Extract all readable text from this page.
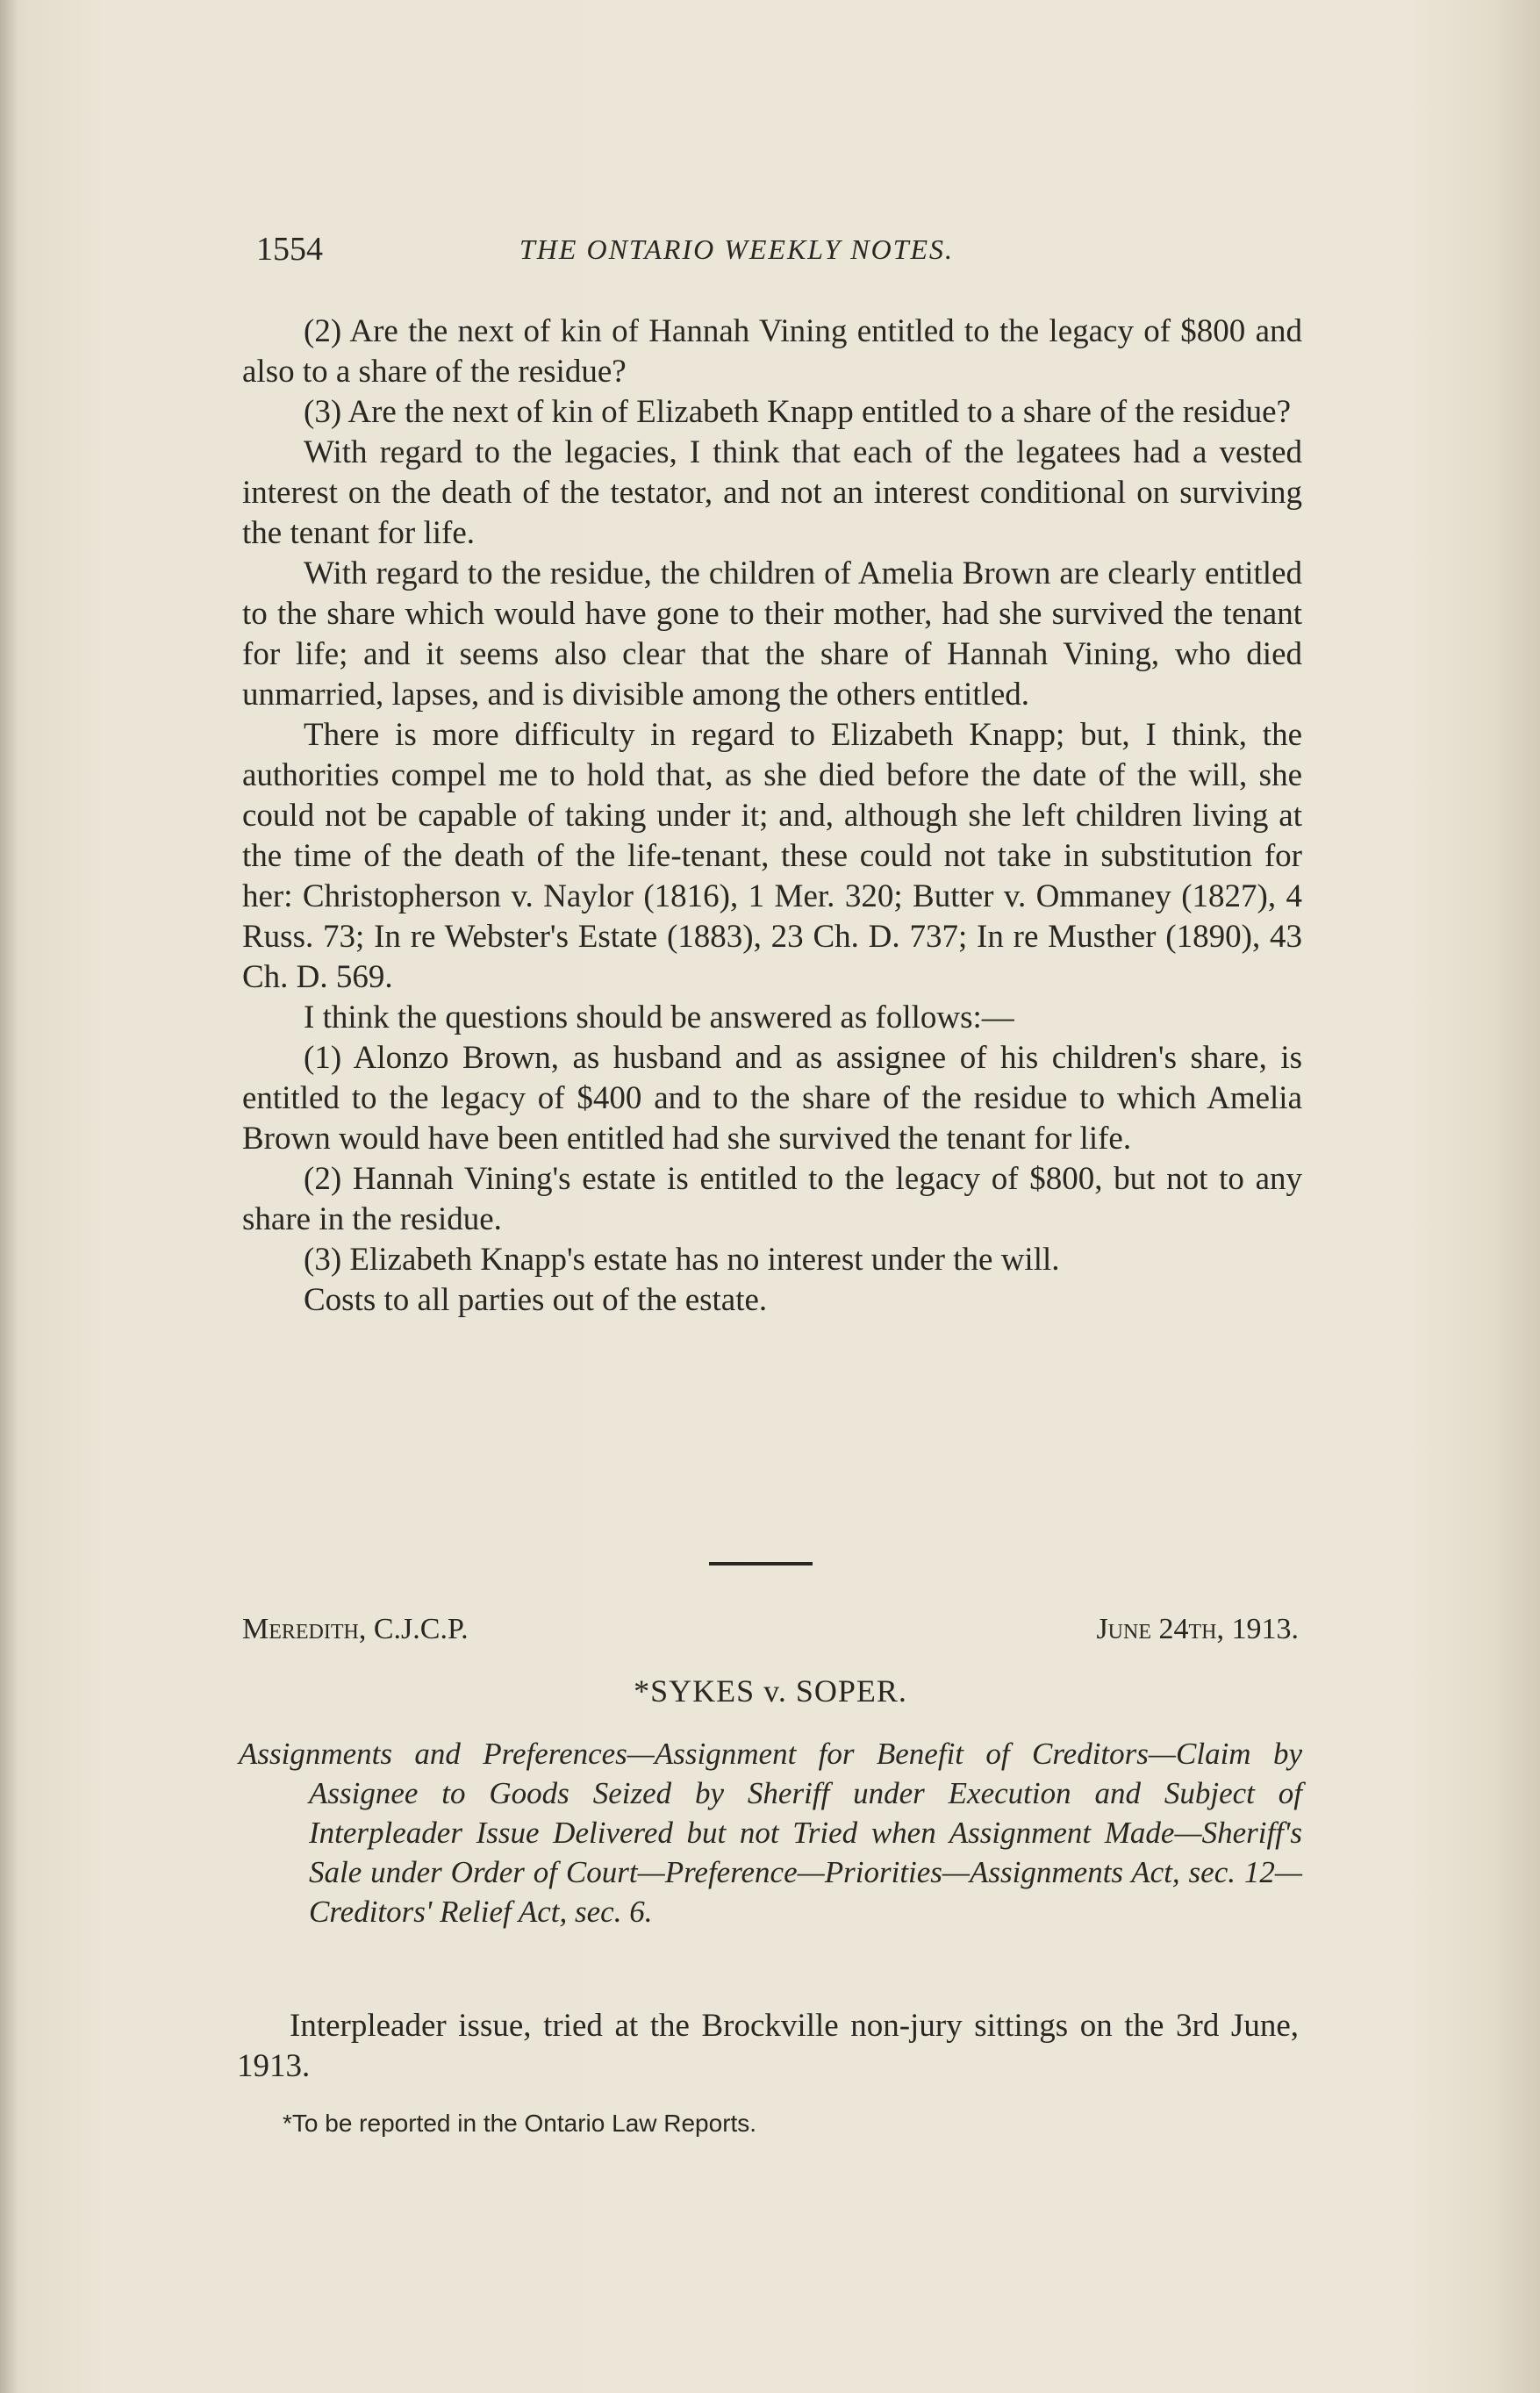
1554	THE ONTARIO WEEKLY NOTES.

(2) Are the next of kin of Hannah Vining entitled to the legacy of $800 and also to a share of the residue?

(3) Are the next of kin of Elizabeth Knapp entitled to a share of the residue?

With regard to the legacies, I think that each of the legatees had a vested interest on the death of the testator, and not an interest conditional on surviving the tenant for life.

With regard to the residue, the children of Amelia Brown are clearly entitled to the share which would have gone to their mother, had she survived the tenant for life; and it seems also clear that the share of Hannah Vining, who died unmarried, lapses, and is divisible among the others entitled.

There is more difficulty in regard to Elizabeth Knapp; but, I think, the authorities compel me to hold that, as she died before the date of the will, she could not be capable of taking under it; and, although she left children living at the time of the death of the life-tenant, these could not take in substitution for her: Christopherson v. Naylor (1816), 1 Mer. 320; Butter v. Ommaney (1827), 4 Russ. 73; In re Webster's Estate (1883), 23 Ch. D. 737; In re Musther (1890), 43 Ch. D. 569.

I think the questions should be answered as follows:—

(1) Alonzo Brown, as husband and as assignee of his children's share, is entitled to the legacy of $400 and to the share of the residue to which Amelia Brown would have been entitled had she survived the tenant for life.

(2) Hannah Vining's estate is entitled to the legacy of $800, but not to any share in the residue.

(3) Elizabeth Knapp's estate has no interest under the will.

Costs to all parties out of the estate.

Meredith, C.J.C.P.	June 24th, 1913.
*SYKES v. SOPER.
Assignments and Preferences—Assignment for Benefit of Creditors—Claim by Assignee to Goods Seized by Sheriff under Execution and Subject of Interpleader Issue Delivered but not Tried when Assignment Made—Sheriff's Sale under Order of Court—Preference—Priorities—Assignments Act, sec. 12—Creditors' Relief Act, sec. 6.
Interpleader issue, tried at the Brockville non-jury sittings on the 3rd June, 1913.
*To be reported in the Ontario Law Reports.
